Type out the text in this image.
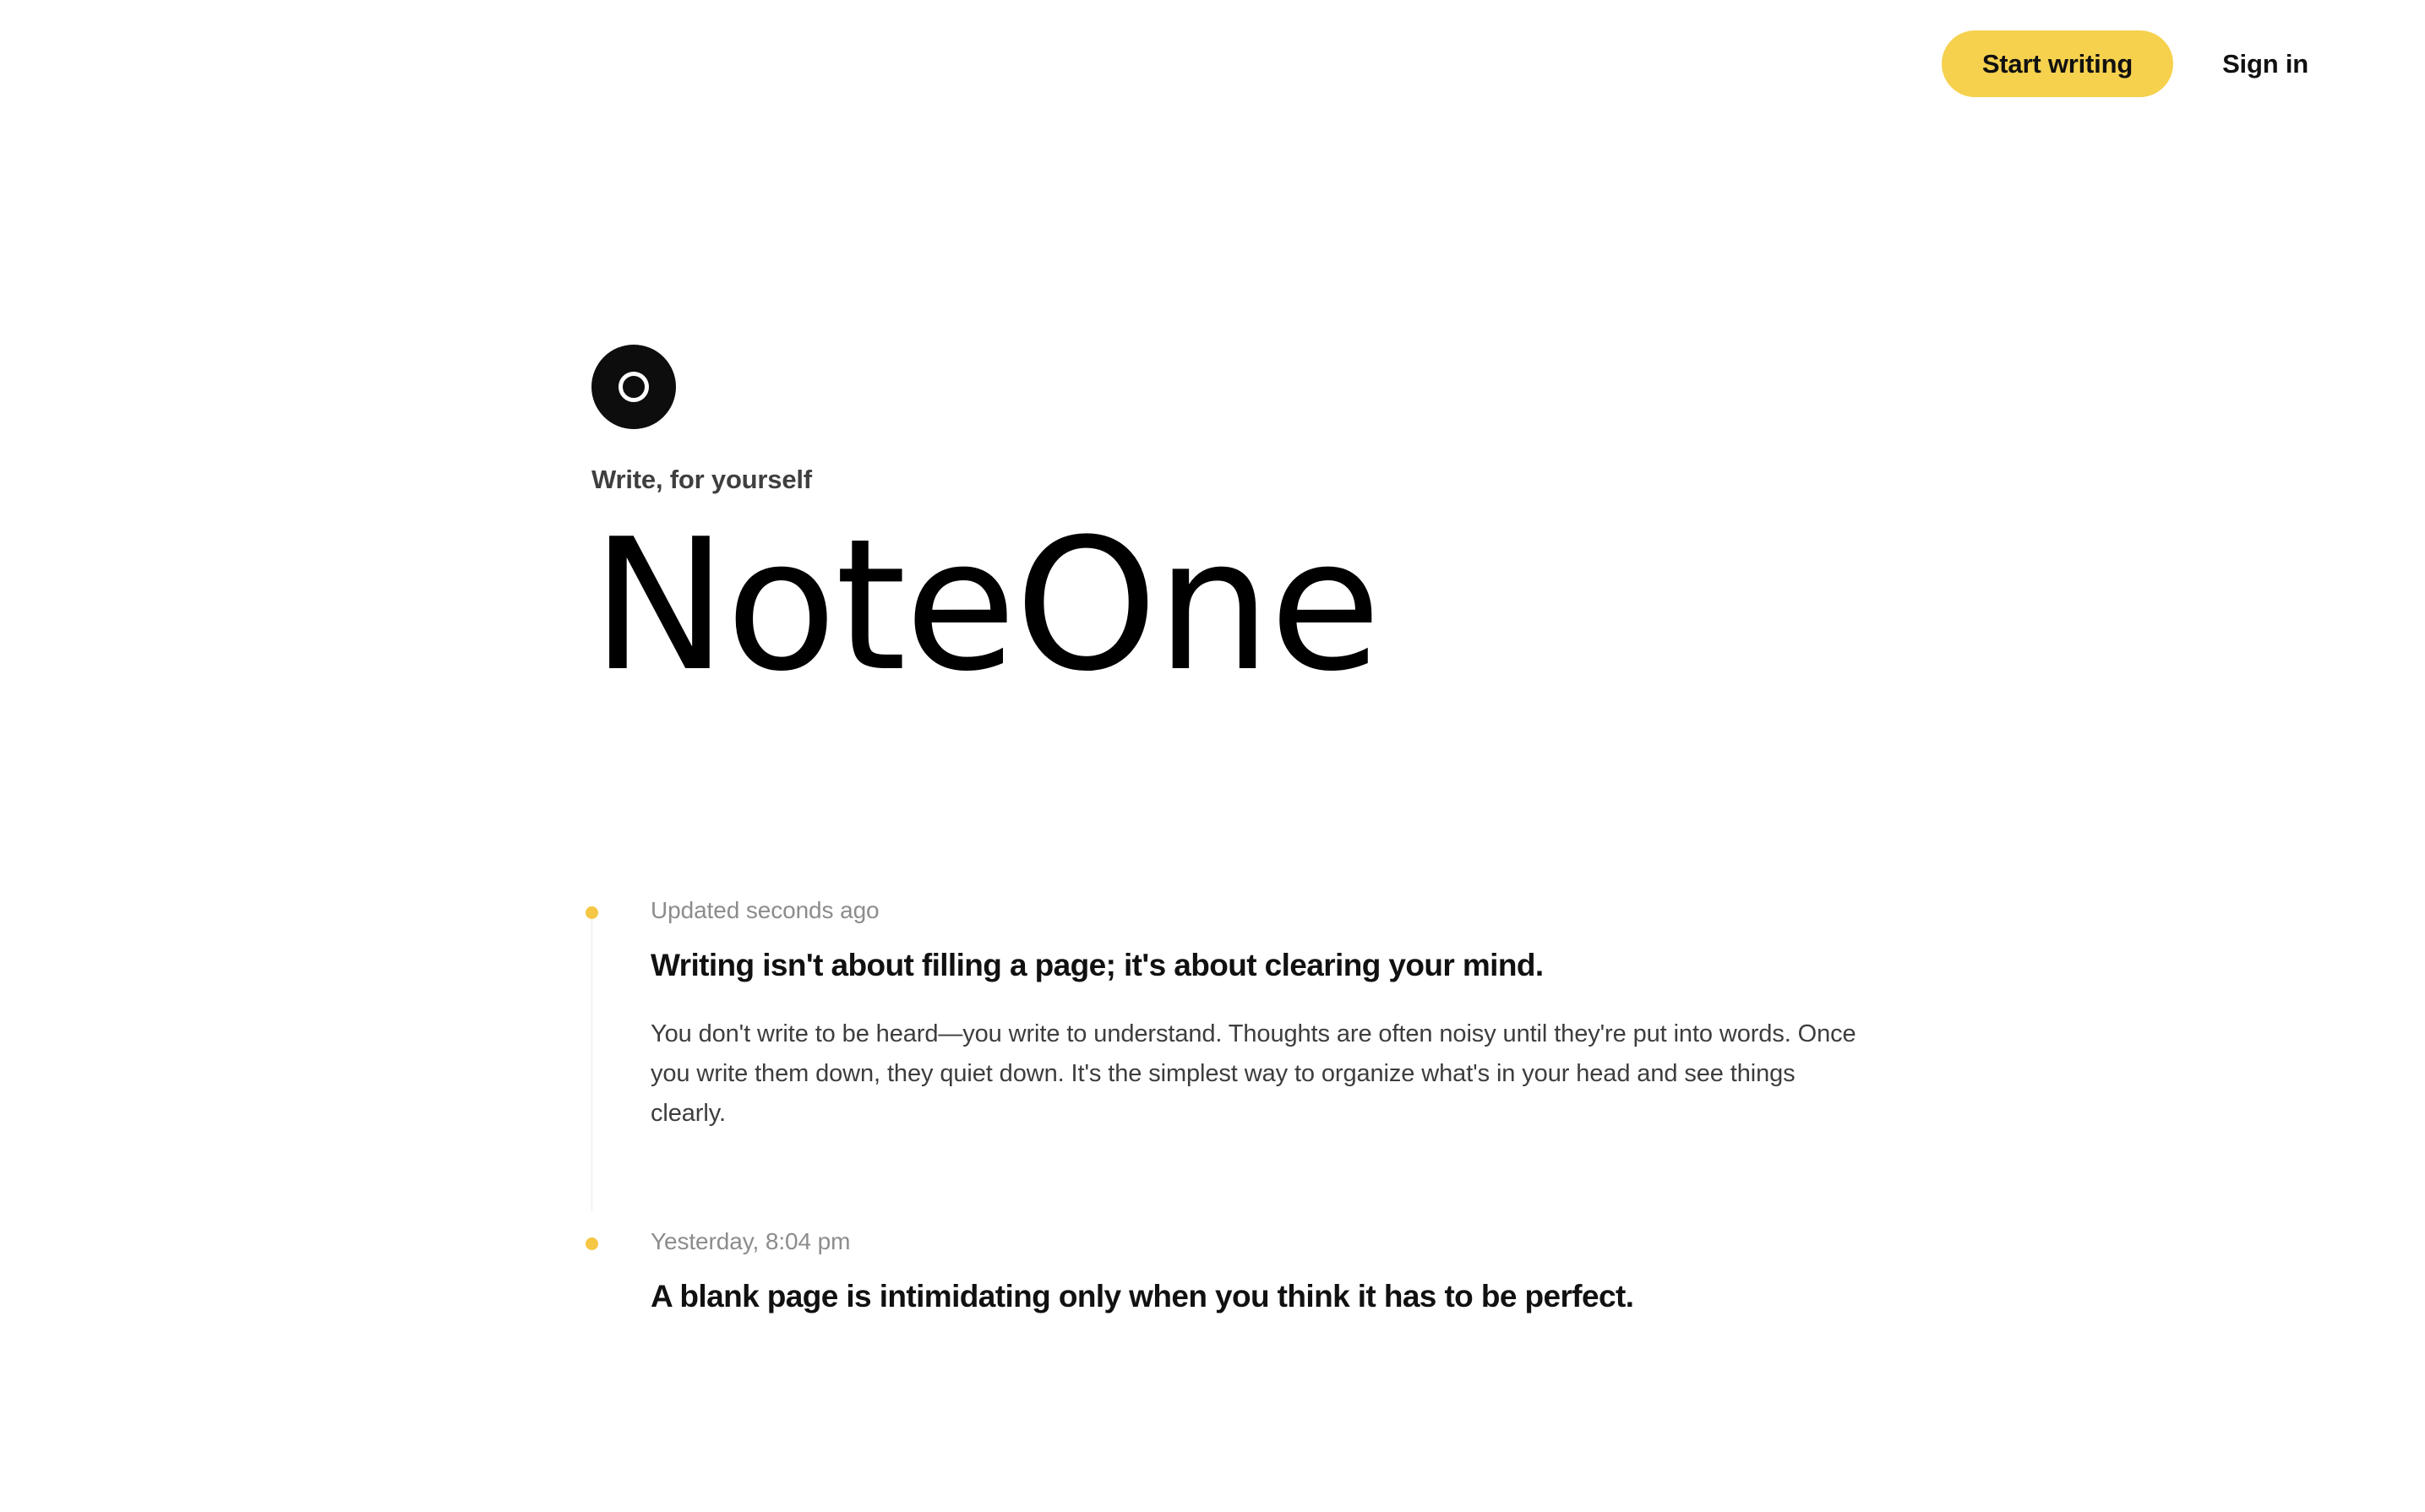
Start writing	Sign in
Write, for yourself
NoteOne
Updated seconds ago
Writing isn't about filling a page; it's about clearing your mind.
You don't write to be heard—you write to understand. Thoughts are often noisy until they're put into words. Once you write them down, they quiet down. It's the simplest way to organize what's in your head and see things clearly.
Yesterday, 8:04 pm
A blank page is intimidating only when you think it has to be perfect.
